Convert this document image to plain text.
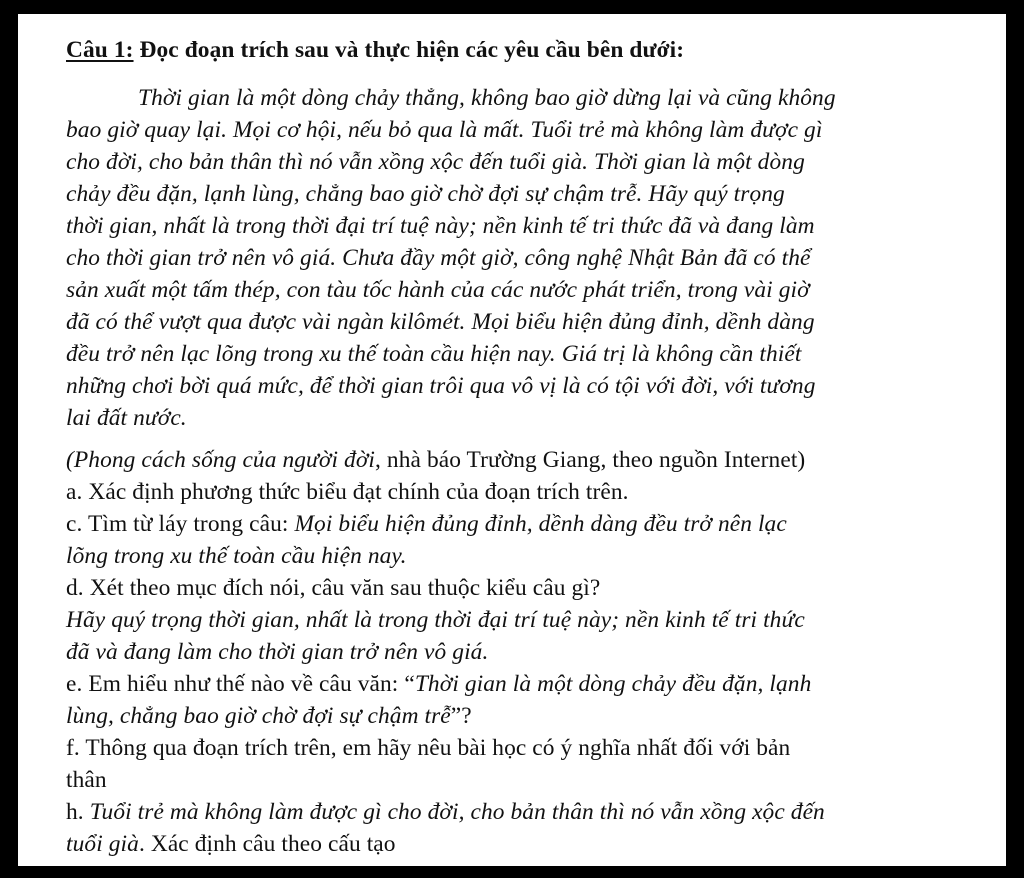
Câu 1: Đọc đoạn trích sau và thực hiện các yêu cầu bên dưới:
Thời gian là một dòng chảy thẳng, không bao giờ dừng lại và cũng không
bao giờ quay lại. Mọi cơ hội, nếu bỏ qua là mất. Tuổi trẻ mà không làm được gì
cho đời, cho bản thân thì nó vẫn xồng xộc đến tuổi già. Thời gian là một dòng
chảy đều đặn, lạnh lùng, chẳng bao giờ chờ đợi sự chậm trễ. Hãy quý trọng
thời gian, nhất là trong thời đại trí tuệ này; nền kinh tế tri thức đã và đang làm
cho thời gian trở nên vô giá. Chưa đầy một giờ, công nghệ Nhật Bản đã có thể
sản xuất một tấm thép, con tàu tốc hành của các nước phát triển, trong vài giờ
đã có thể vượt qua được vài ngàn kilômét. Mọi biểu hiện đủng đỉnh, dềnh dàng
đều trở nên lạc lõng trong xu thế toàn cầu hiện nay. Giá trị là không cần thiết
những chơi bời quá mức, để thời gian trôi qua vô vị là có tội với đời, với tương
lai đất nước.
(Phong cách sống của người đời, nhà báo Trường Giang, theo nguồn Internet)
a. Xác định phương thức biểu đạt chính của đoạn trích trên.
c. Tìm từ láy trong câu: Mọi biểu hiện đủng đỉnh, dềnh dàng đều trở nên lạc
lõng trong xu thế toàn cầu hiện nay.
d. Xét theo mục đích nói, câu văn sau thuộc kiểu câu gì?
Hãy quý trọng thời gian, nhất là trong thời đại trí tuệ này; nền kinh tế tri thức
đã và đang làm cho thời gian trở nên vô giá.
e. Em hiểu như thế nào về câu văn: “Thời gian là một dòng chảy đều đặn, lạnh
lùng, chẳng bao giờ chờ đợi sự chậm trễ”?
f. Thông qua đoạn trích trên, em hãy nêu bài học có ý nghĩa nhất đối với bản
thân
h. Tuổi trẻ mà không làm được gì cho đời, cho bản thân thì nó vẫn xồng xộc đến
tuổi già. Xác định câu theo cấu tạo
